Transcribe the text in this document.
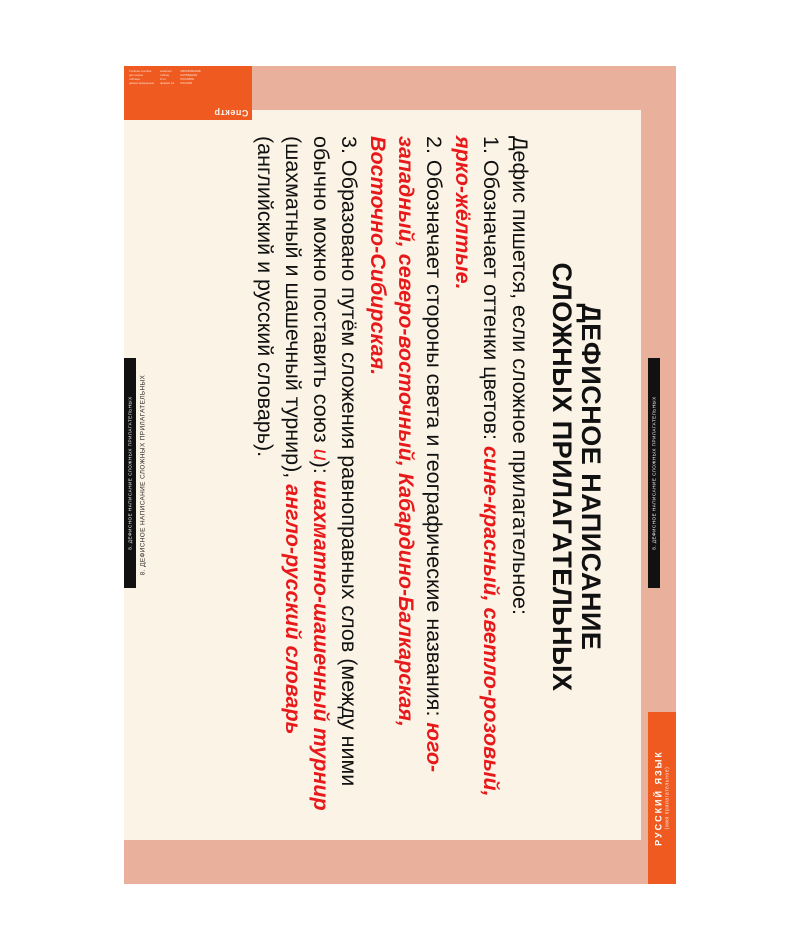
Учебное пособие
для школы
таблицы
демонстрационные
комплект
таблиц
8 шт.
формат А1
ОБРАЗОВАНИЕ
НАГЛЯДНОЕ
ПОСОБИЕ
РОССИЯ
Спектр
8. ДЕФИСНОЕ НАПИСАНИЕ СЛОЖНЫХ ПРИЛАГАТЕЛЬНЫХ	8. ДЕФИСНОЕ НАПИСАНИЕ СЛОЖНЫХ ПРИЛАГАТЕЛЬНЫХ
8. ДЕФИСНОЕ НАПИСАНИЕ СЛОЖНЫХ ПРИЛАГАТЕЛЬНЫХ
РУССКИЙ ЯЗЫК (имя прилагательное)
ДЕФИСНОЕ НАПИСАНИЕ
СЛОЖНЫХ ПРИЛАГАТЕЛЬНЫХ

Дефис пишется, если сложное прилагательное:

1. Обозначает оттенки цветов: сине-красный, светло-розовый, ярко-жёлтые.

2. Обозначает стороны света и географические названия: юго-западный, северо-восточный, Кабардино-Балкарская, Восточно-Сибирская.

3. Образовано путём сложения равноправных слов (между ними обычно можно поставить союз и): шахматно-шашечный турнир (шахматный и шашечный турнир), англо-русский словарь (английский и русский словарь).
